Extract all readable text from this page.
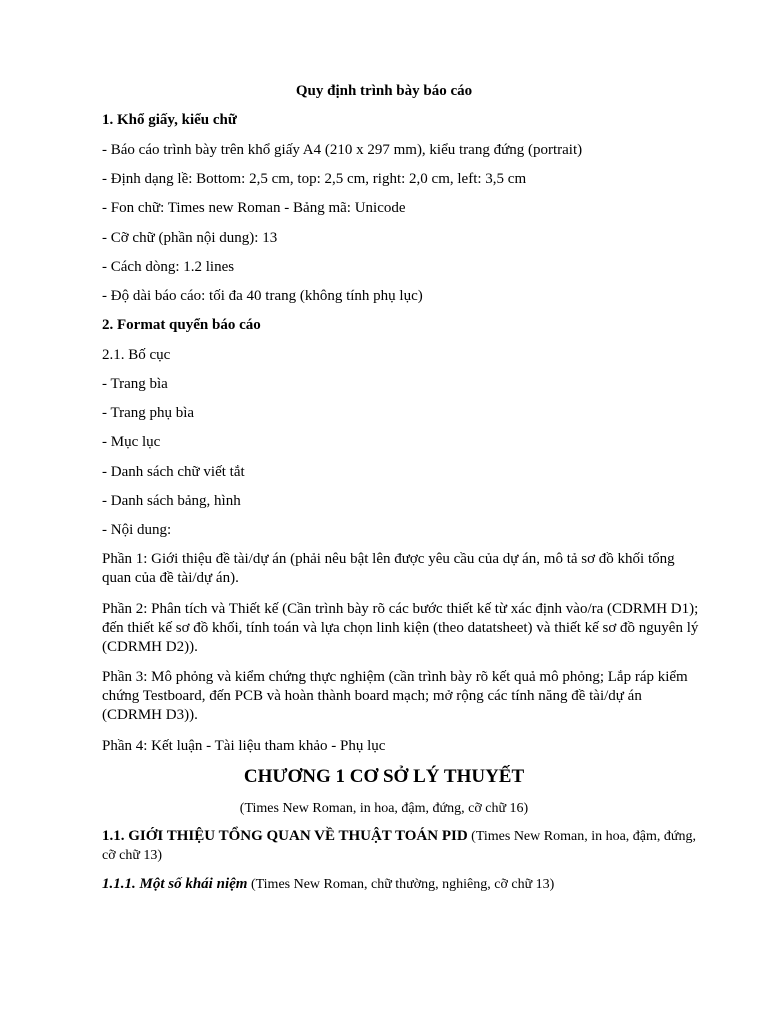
Quy định trình bày báo cáo
1. Khổ giấy, kiểu chữ
- Báo cáo trình bày trên khổ giấy A4 (210 x 297 mm), kiểu trang đứng (portrait)
- Định dạng lề: Bottom: 2,5 cm, top: 2,5 cm, right: 2,0 cm, left: 3,5 cm
- Fon chữ: Times new Roman - Bảng mã: Unicode
- Cỡ chữ (phần nội dung): 13
- Cách dòng: 1.2 lines
- Độ dài báo cáo: tối đa 40 trang (không tính phụ lục)
2. Format quyển báo cáo
2.1. Bố cục
- Trang bìa
- Trang phụ bìa
- Mục lục
- Danh sách chữ viết tắt
- Danh sách bảng, hình
- Nội dung:
Phần 1: Giới thiệu đề tài/dự án (phải nêu bật lên được yêu cầu của dự án, mô tả sơ đồ khối tổng quan của đề tài/dự án).
Phần 2: Phân tích và Thiết kế (Cần trình bày rõ các bước thiết kế từ xác định vào/ra (CDRMH D1); đến thiết kế sơ đồ khối, tính toán và lựa chọn linh kiện (theo datatsheet) và thiết kế sơ đồ nguyên lý (CDRMH D2)).
Phần 3: Mô phỏng và kiểm chứng thực nghiệm (cần trình bày rõ kết quả mô phỏng; Lắp ráp kiểm chứng Testboard, đến PCB và hoàn thành board mạch; mở rộng các tính năng đề tài/dự án (CDRMH D3)).
Phần 4: Kết luận - Tài liệu tham khảo - Phụ lục
CHƯƠNG 1 CƠ SỞ LÝ THUYẾT
(Times New Roman, in hoa, đậm, đứng, cỡ chữ 16)
1.1. GIỚI THIỆU TỔNG QUAN VỀ THUẬT TOÁN PID (Times New Roman, in hoa, đậm, đứng, cỡ chữ 13)
1.1.1. Một số khái niệm (Times New Roman, chữ thường, nghiêng, cỡ chữ 13)
